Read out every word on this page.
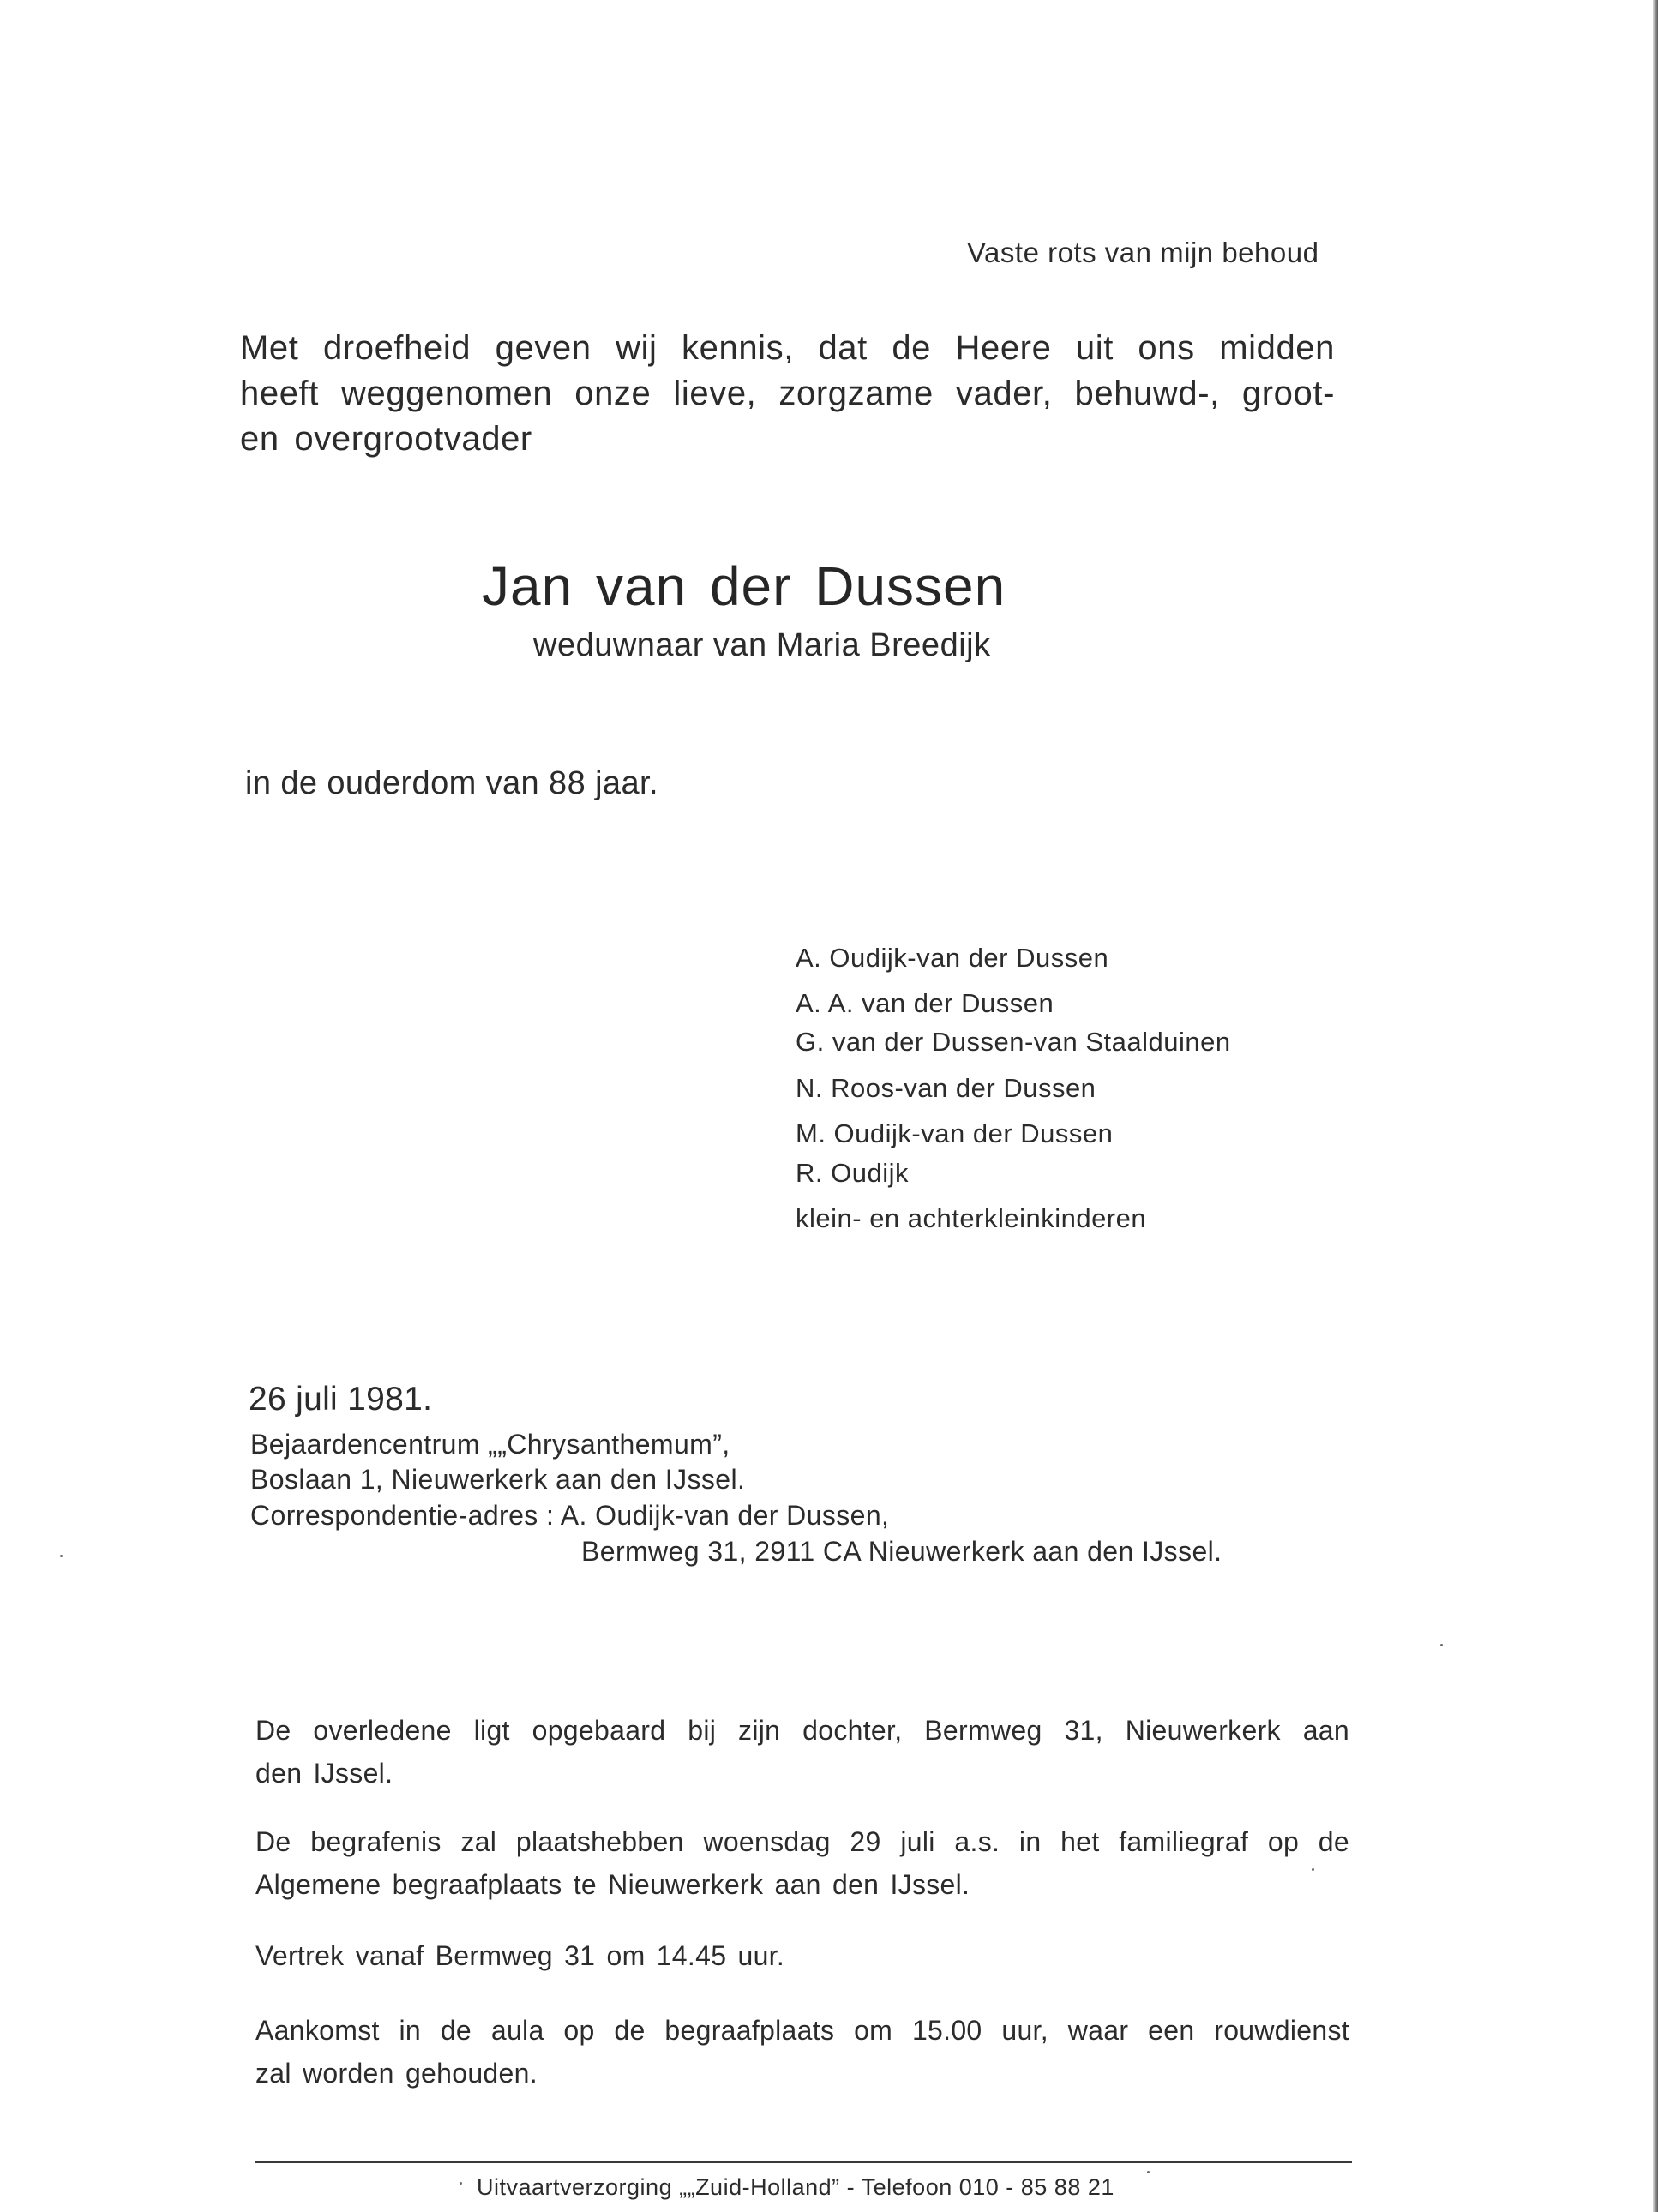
Vaste rots van mijn behoud
Met droefheid geven wij kennis, dat de Heere uit ons midden
heeft weggenomen onze lieve, zorgzame vader, behuwd-, groot-
en overgrootvader
Jan van der Dussen
weduwnaar van Maria Breedijk
in de ouderdom van 88 jaar.
A. Oudijk-van der Dussen
A. A. van der Dussen
G. van der Dussen-van Staalduinen
N. Roos-van der Dussen
M. Oudijk-van der Dussen
R. Oudijk
klein- en achterkleinkinderen
26 juli 1981.
Bejaardencentrum „„Chrysanthemum”,
Boslaan 1, Nieuwerkerk aan den IJssel.
Correspondentie-adres : A. Oudijk-van der Dussen,
Bermweg 31, 2911 CA Nieuwerkerk aan den IJssel.
De overledene ligt opgebaard bij zijn dochter, Bermweg 31, Nieuwerkerk aan
den IJssel.
De begrafenis zal plaatshebben woensdag 29 juli a.s. in het familiegraf op de
Algemene begraafplaats te Nieuwerkerk aan den IJssel.
Vertrek vanaf Bermweg 31 om 14.45 uur.
Aankomst in de aula op de begraafplaats om 15.00 uur, waar een rouwdienst
zal worden gehouden.
Uitvaartverzorging „„Zuid-Holland” - Telefoon 010 - 85 88 21
